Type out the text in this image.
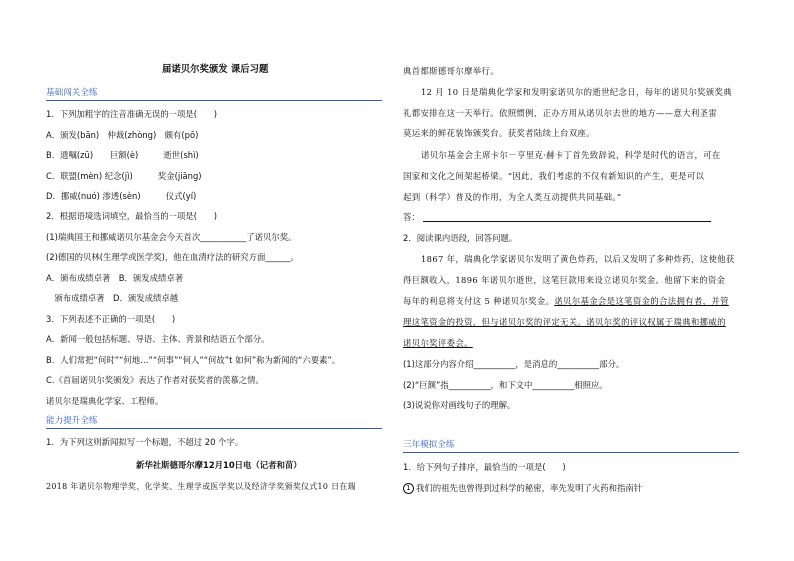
届诺贝尔奖颁发 课后习题
基础闯关全练
1．下列加粗字的注音准确无误的一项是(　　)
A．颁发(bān)　仲裁(zhòng)　颇有(pō)
B．遗嘱(zū)　　巨额(è)　　　逝世(shì)
C．联盟(mèn) 纪念(jì)　　　奖金(jiāng)
D．挪威(nuó) 渗透(sèn)　　　仪式(yí)
2．根据语境选词填空，最恰当的一项是(　　)
(1)瑞典国王和挪威诺贝尔基金会今天首次___________了诺贝尔奖。
(2)德国的贝林(生理学或医学奖)，他在血清疗法的研究方面______。
A．颁布成绩卓著　B．颁发成绩卓著
　颁布成绩卓著　D．颁发成绩卓越
3．下列表述不正确的一项是(　　)
A．新闻一般包括标题、导语、主体、背景和结语五个部分。
B．人们常把“何时”“何地…”“何事”“何人”“何故”t 如何”称为新闻的“六要素”。
C.《首届诺贝尔奖颁发》表达了作者对获奖者的羡慕之情。
诺贝尔是瑞典化学家、工程师。
能力提升全练
1．为下列这则新闻拟写一个标题，不超过 20 个字。
新华社斯德哥尔摩12月10日电（记者和苗）
2018 年诺贝尔物理学奖、化学奖、生理学或医学奖以及经济学奖颁奖仪式10 日在瑞
典首都斯德哥尔摩举行。
12 月 10 日是瑞典化学家和发明家诺贝尔的逝世纪念日，每年的诺贝尔奖颁奖典
礼都安排在这一天举行。依照惯例，正办方用从诺贝尔去世的地方——意大利圣雷
莫运来的鲜花装饰颁奖台。获奖者陆续上台双座。
诺贝尔基金会主席卡尔－亨里克·赫卡丁首先致辞说，科学是时代的语言，可在
国家和文化之间架起桥梁。“因此，我们考虑的不仅有新知识的产生，更是可以
起到（科学）普及的作用，为全人类互动提供共同基础。”
答：
2．阅读课内语段，回答问题。
1867 年，瑞典化学家诺贝尔发明了黄色炸药，以后又发明了多种炸药，这使他获
得巨额收入，1896 年诺贝尔逝世，这笔巨款用来设立诺贝尔奖金。他留下来的资金
每年的利息将支付这 5 种诺贝尔奖金。诺贝尔基金会是这笔资金的合法拥有者，并管
理这笔资金的投资，但与诺贝尔奖的评定无关。诺贝尔奖的评议权属于瑞典和挪威的
诺贝尔奖评委会。
(1)这部分内容介绍__________，是消息的__________部分。
(2)“巨额”指__________，和下文中__________相照应。
(3)说说你对画线句子的理解。
三年模拟全练
1．给下列句子排序，最恰当的一项是(　　)
1 我们的祖先也曾得到过科学的秘密，率先发明了火药和指南针
